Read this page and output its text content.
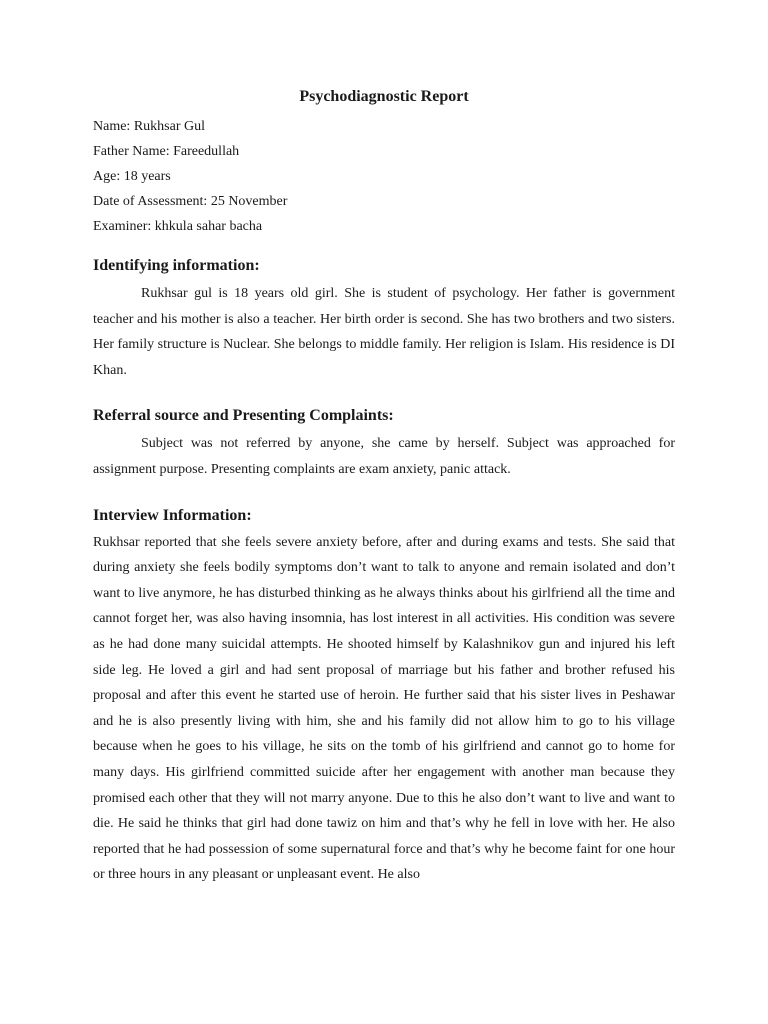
Psychodiagnostic Report

Name: Rukhsar Gul

Father Name: Fareedullah

Age: 18 years

Date of Assessment: 25 November

Examiner: khkula sahar bacha

Identifying information:

Rukhsar gul is 18 years old girl. She is student of psychology. Her father is government teacher and his mother is also a teacher. Her birth order is second. She has two brothers and two sisters. Her family structure is Nuclear. She belongs to middle family. Her religion is Islam. His residence is DI Khan.

Referral source and Presenting Complaints:

Subject was not referred by anyone, she came by herself. Subject was approached for assignment purpose. Presenting complaints are exam anxiety, panic attack.

Interview Information:

Rukhsar reported that she feels severe anxiety before, after and during exams and tests. She said that during anxiety she feels bodily symptoms don’t want to talk to anyone and remain isolated and don’t want to live anymore, he has disturbed thinking as he always thinks about his girlfriend all the time and cannot forget her, was also having insomnia, has lost interest in all activities. His condition was severe as he had done many suicidal attempts. He shooted himself by Kalashnikov gun and injured his left side leg. He loved a girl and had sent proposal of marriage but his father and brother refused his proposal and after this event he started use of heroin. He further said that his sister lives in Peshawar and he is also presently living with him, she and his family did not allow him to go to his village because when he goes to his village, he sits on the tomb of his girlfriend and cannot go to home for many days. His girlfriend committed suicide after her engagement with another man because they promised each other that they will not marry anyone. Due to this he also don’t want to live and want to die. He said he thinks that girl had done tawiz on him and that’s why he fell in love with her. He also reported that he had possession of some supernatural force and that’s why he become faint for one hour or three hours in any pleasant or unpleasant event. He also
